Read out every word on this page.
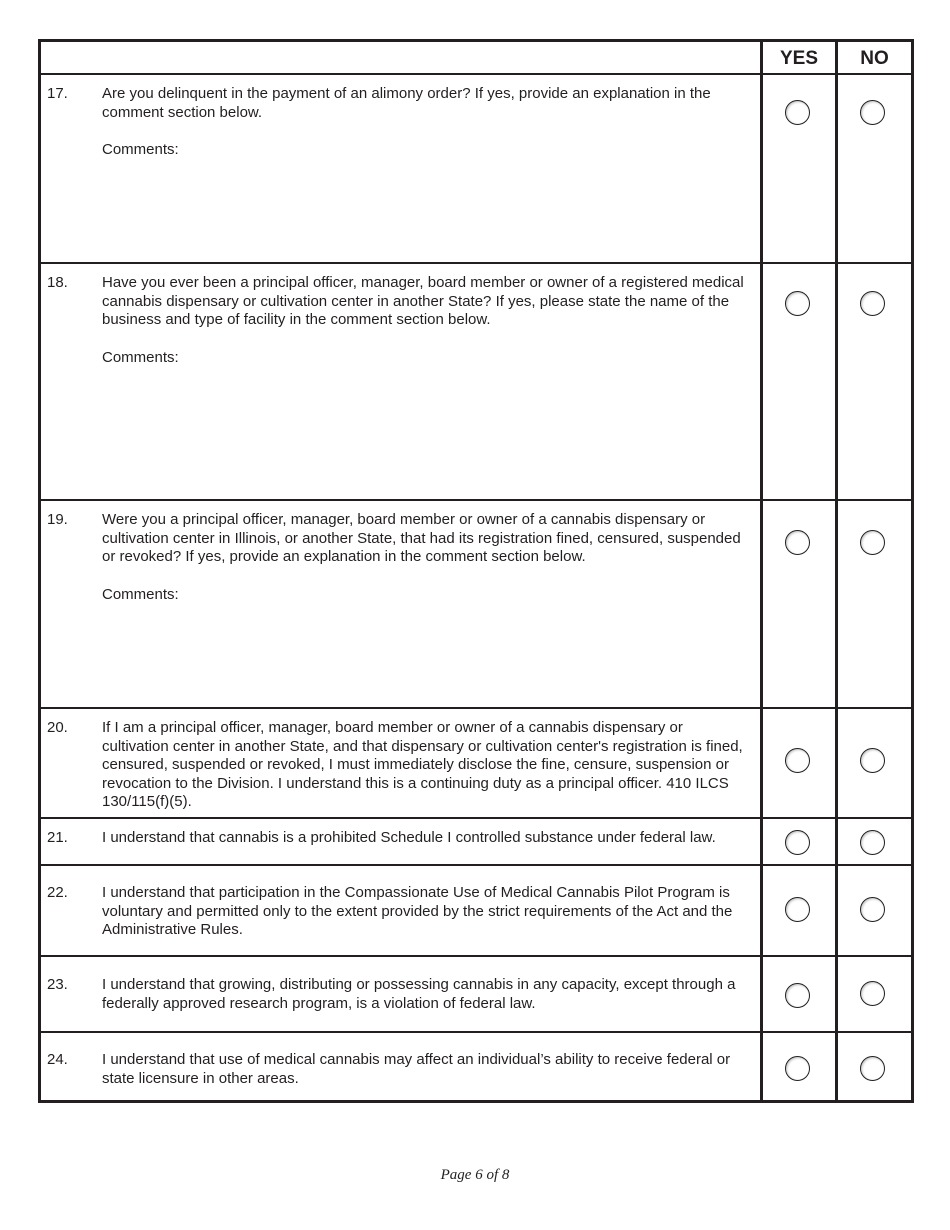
YES	NO
17. Are you delinquent in the payment of an alimony order? If yes, provide an explanation in the comment section below.
Comments:
18. Have you ever been a principal officer, manager, board member or owner of a registered medical cannabis dispensary or cultivation center in another State? If yes, please state the name of the business and type of facility in the comment section below.
Comments:
19. Were you a principal officer, manager, board member or owner of a cannabis dispensary or cultivation center in Illinois, or another State, that had its registration fined, censured, suspended or revoked? If yes, provide an explanation in the comment section below.
Comments:
20. If I am a principal officer, manager, board member or owner of a cannabis dispensary or cultivation center in another State, and that dispensary or cultivation center's registration is fined, censured, suspended or revoked, I must immediately disclose the fine, censure, suspension or revocation to the Division. I understand this is a continuing duty as a principal officer. 410 ILCS 130/115(f)(5).
21. I understand that cannabis is a prohibited Schedule I controlled substance under federal law.
22. I understand that participation in the Compassionate Use of Medical Cannabis Pilot Program is voluntary and permitted only to the extent provided by the strict requirements of the Act and the Administrative Rules.
23. I understand that growing, distributing or possessing cannabis in any capacity, except through a federally approved research program, is a violation of federal law.
24. I understand that use of medical cannabis may affect an individual’s ability to receive federal or state licensure in other areas.
Page 6 of 8
